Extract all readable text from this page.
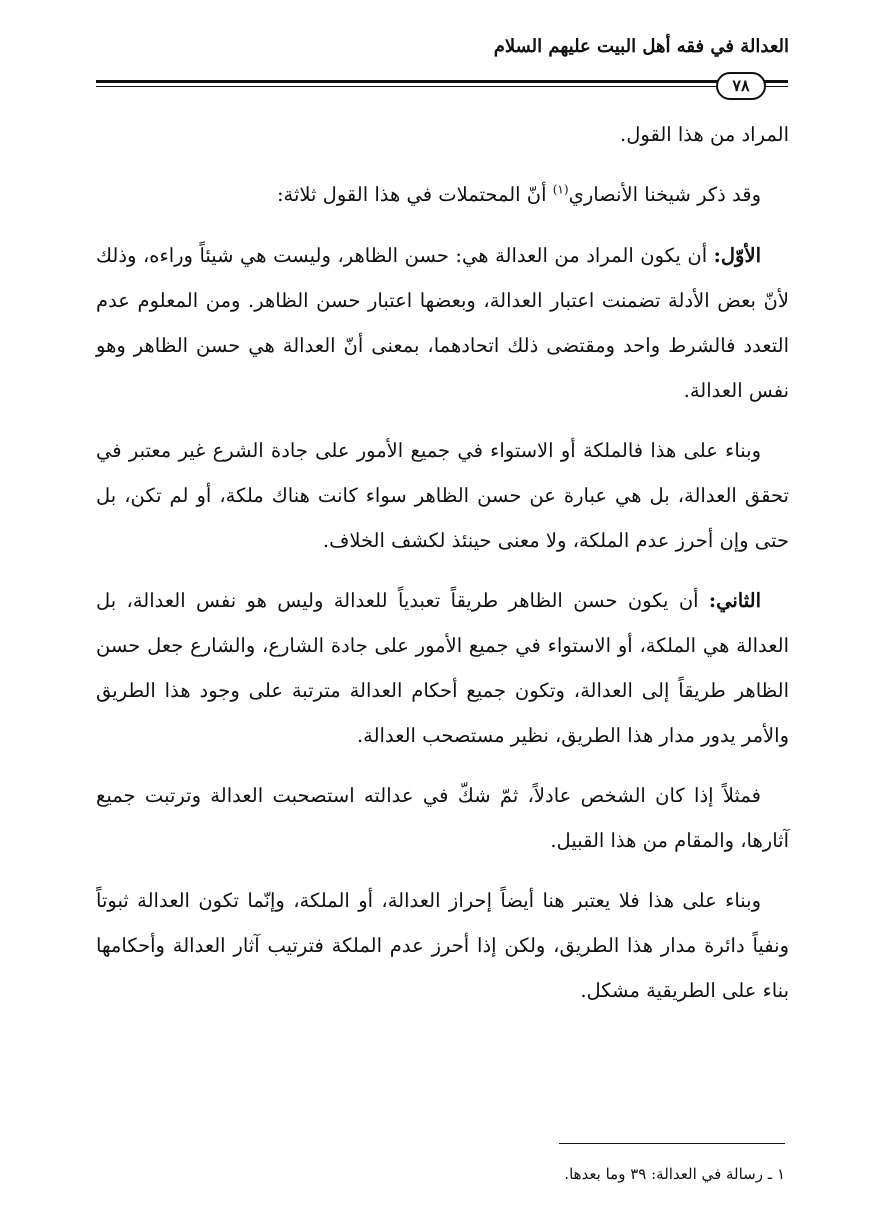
العدالة في فقه أهل البيت عليهم السلام
٧٨

المراد من هذا القول.

وقد ذكر شيخنا الأنصاري$^{(١)}$ أنّ المحتملات في هذا القول ثلاثة:

الأوّل: أن يكون المراد من العدالة هي: حسن الظاهر، وليست هي شيئاً وراءه، وذلك لأنّ بعض الأدلة تضمنت اعتبار العدالة، وبعضها اعتبار حسن الظاهر. ومن المعلوم عدم التعدد فالشرط واحد ومقتضى ذلك اتحادهما، بمعنى أنّ العدالة هي حسن الظاهر وهو نفس العدالة.

وبناء على هذا فالملكة أو الاستواء في جميع الأمور على جادة الشرع غير معتبر في تحقق العدالة، بل هي عبارة عن حسن الظاهر سواء كانت هناك ملكة، أو لم تكن، بل حتى وإن أحرز عدم الملكة، ولا معنى حينئذ لكشف الخلاف.

الثاني: أن يكون حسن الظاهر طريقاً تعبدياً للعدالة وليس هو نفس العدالة، بل العدالة هي الملكة، أو الاستواء في جميع الأمور على جادة الشارع، والشارع جعل حسن الظاهر طريقاً إلى العدالة، وتكون جميع أحكام العدالة مترتبة على وجود هذا الطريق والأمر يدور مدار هذا الطريق، نظير مستصحب العدالة.

فمثلاً إذا كان الشخص عادلاً، ثمّ شكّ في عدالته استصحبت العدالة وترتبت جميع آثارها، والمقام من هذا القبيل.

وبناء على هذا فلا يعتبر هنا أيضاً إحراز العدالة، أو الملكة، وإنّما تكون العدالة ثبوتاً ونفياً دائرة مدار هذا الطريق، ولكن إذا أحرز عدم الملكة فترتيب آثار العدالة وأحكامها بناء على الطريقية مشكل.

١ ـ رسالة في العدالة: ٣٩ وما بعدها.
